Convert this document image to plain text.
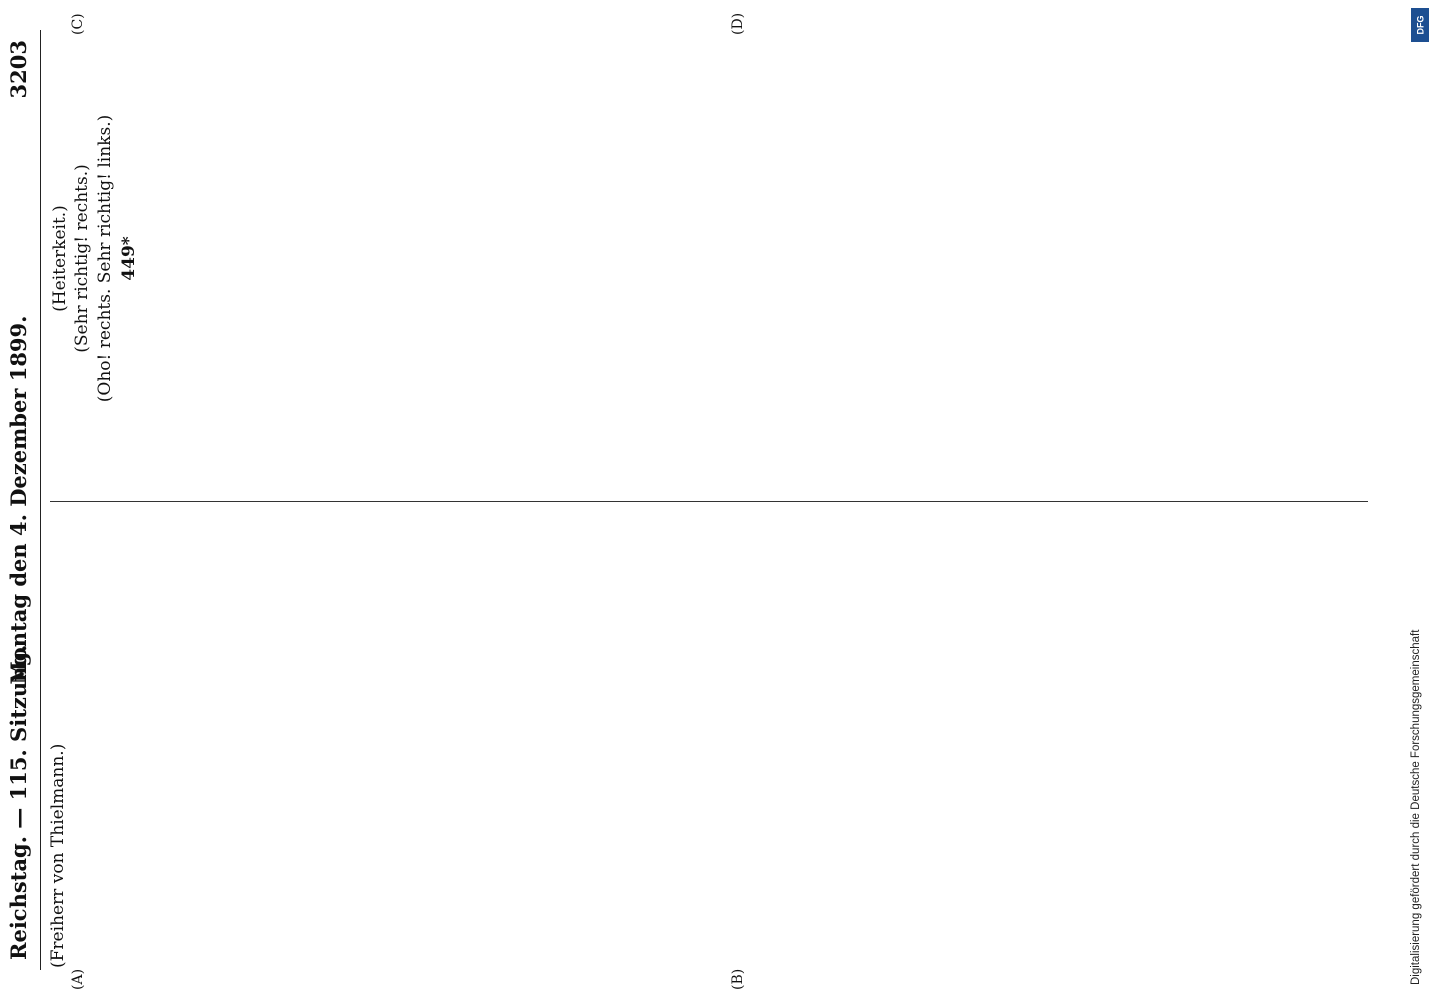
Reichstag. — 115. Sitzung.
Montag den 4. Dezember 1899.
3203
(A)	(B)
(C)	(D)
(Freiherr von Thielmann.)

(Heiterkeit.) (Sehr richtig! rechts.) (Oho! rechts. Sehr richtig! links.) 449*
DFG
Digitalisierung gefördert durch die Deutsche Forschungsgemeinschaft
